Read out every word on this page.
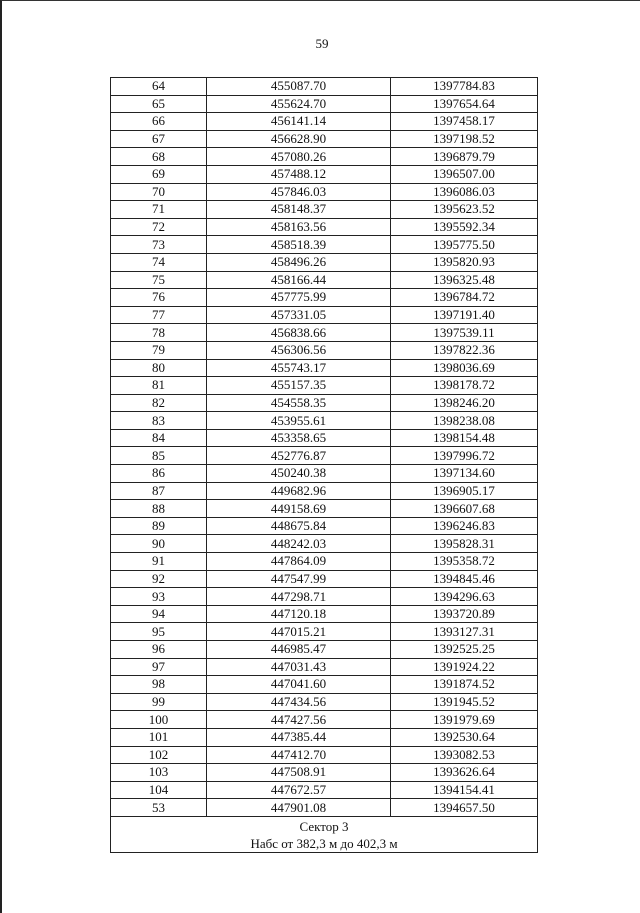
59
64	455087.70	1397784.83
65	455624.70	1397654.64
66	456141.14	1397458.17
67	456628.90	1397198.52
68	457080.26	1396879.79
69	457488.12	1396507.00
70	457846.03	1396086.03
71	458148.37	1395623.52
72	458163.56	1395592.34
73	458518.39	1395775.50
74	458496.26	1395820.93
75	458166.44	1396325.48
76	457775.99	1396784.72
77	457331.05	1397191.40
78	456838.66	1397539.11
79	456306.56	1397822.36
80	455743.17	1398036.69
81	455157.35	1398178.72
82	454558.35	1398246.20
83	453955.61	1398238.08
84	453358.65	1398154.48
85	452776.87	1397996.72
86	450240.38	1397134.60
87	449682.96	1396905.17
88	449158.69	1396607.68
89	448675.84	1396246.83
90	448242.03	1395828.31
91	447864.09	1395358.72
92	447547.99	1394845.46
93	447298.71	1394296.63
94	447120.18	1393720.89
95	447015.21	1393127.31
96	446985.47	1392525.25
97	447031.43	1391924.22
98	447041.60	1391874.52
99	447434.56	1391945.52
100	447427.56	1391979.69
101	447385.44	1392530.64
102	447412.70	1393082.53
103	447508.91	1393626.64
104	447672.57	1394154.41
53	447901.08	1394657.50

Сектор 3
Набс от 382,3 м до 402,3 м		
